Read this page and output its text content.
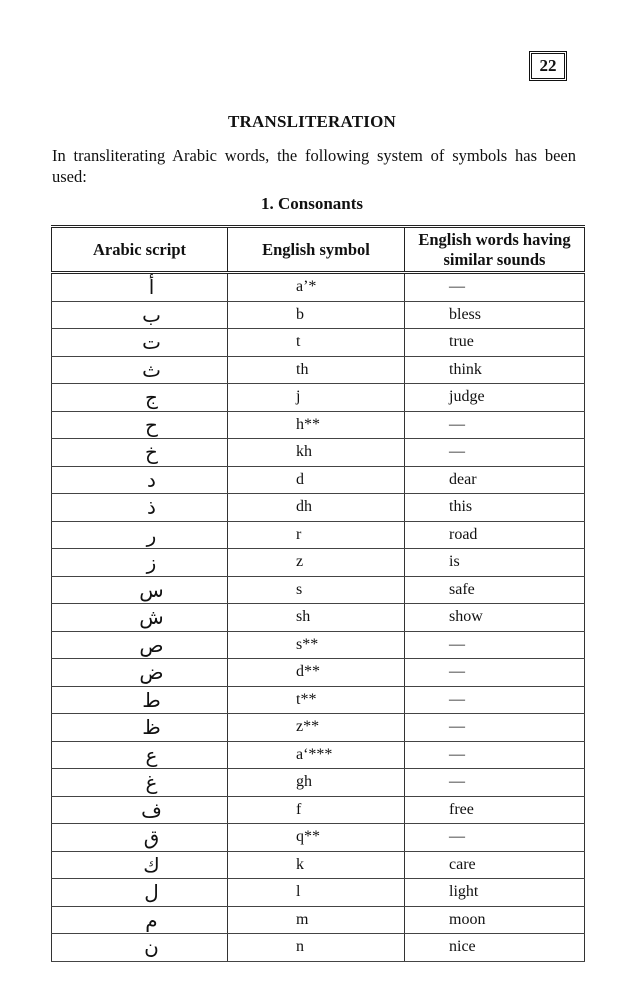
22
TRANSLITERATION
In transliterating Arabic words, the following system of symbols has been used:
1. Consonants
Arabic script	English symbol	English words having similar sounds
أ	a’*	—
ب	b	bless
ت	t	true
ث	th	think
ج	j	judge
ح	h**	—
خ	kh	—
د	d	dear
ذ	dh	this
ر	r	road
ز	z	is
س	s	safe
ش	sh	show
ص	s**	—
ض	d**	—
ط	t**	—
ظ	z**	—
ع	a‘***	—
غ	gh	—
ف	f	free
ق	q**	—
ك	k	care
ل	l	light
م	m	moon
ن	n	nice
